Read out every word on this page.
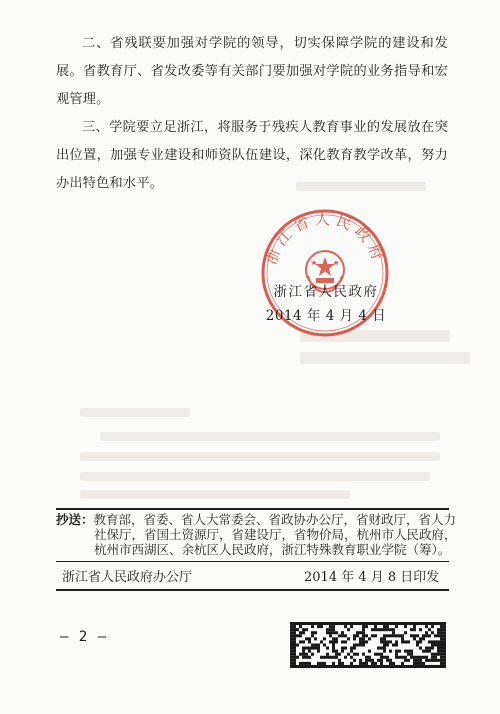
二、省残联要加强对学院的领导，切实保障学院的建设和发展。省教育厅、省发改委等有关部门要加强对学院的业务指导和宏观管理。

三、学院要立足浙江，将服务于残疾人教育事业的发展放在突出位置，加强专业建设和师资队伍建设，深化教育教学改革，努力办出特色和水平。

浙江省人民政府
浙江省人民政府
2014 年 4 月 4 日
抄送：教育部，省委、省人大常委会、省政协办公厅，省财政厅，省人力
社保厅，省国土资源厅，省建设厅，省物价局，杭州市人民政府，
杭州市西湖区、余杭区人民政府，浙江特殊教育职业学院（筹）。
浙江省人民政府办公厅	2014 年 4 月 8 日印发
— 2 —
